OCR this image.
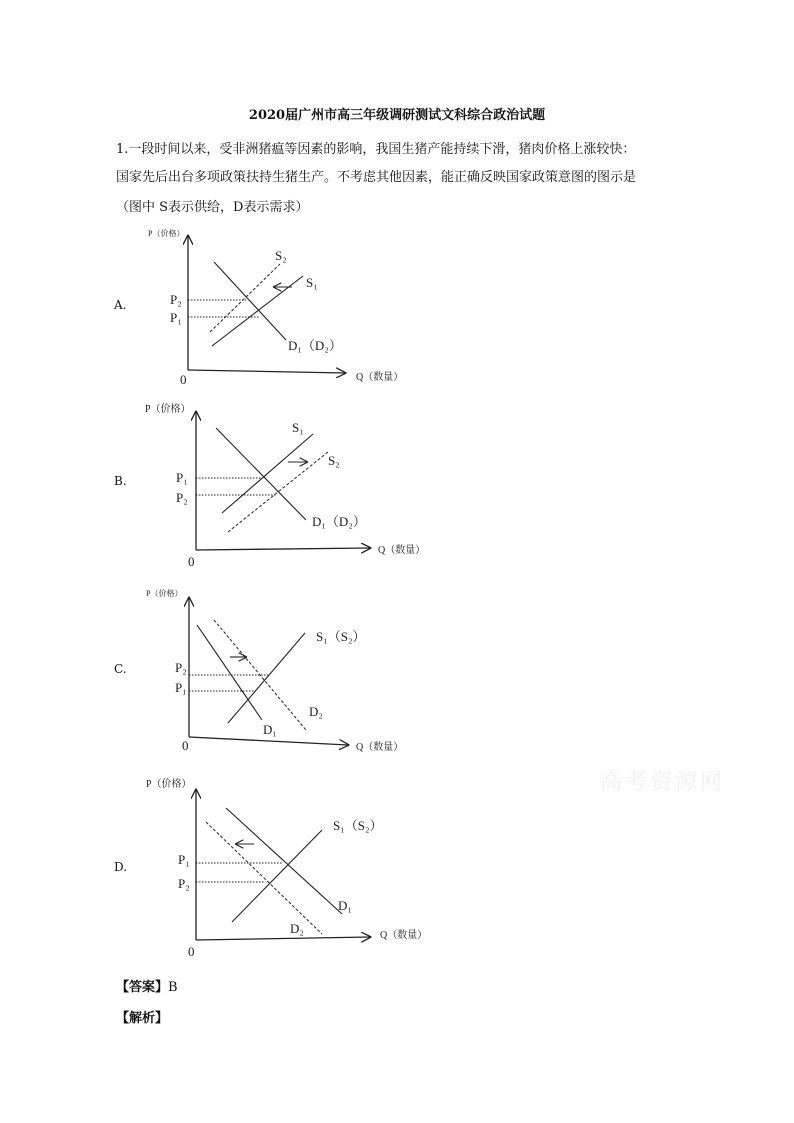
2020届广州市高三年级调研测试文科综合政治试题
1.一段时间以来，受非洲猪瘟等因素的影响，我国生猪产能持续下滑，猪肉价格上涨较快：
国家先后出台多项政策扶持生猪生产。不考虑其他因素，能正确反映国家政策意图的图示是
（图中 S表示供给，D表示需求）
A.
B.
C.
D.
P（价格）
Q（数量）
0
P₂
P₁
S₂
S₁
D₁（D₂）
P（价格）
Q（数量）
0
P₁
P₂
S₁
S₂
D₁（D₂）
P（价格）
Q（数量）
0
P₂
P₁
S₁（S₂）
D₂
D₁
P（价格）
Q（数量）
0
P₁
P₂
S₁（S₂）
D₁
D₂
高考资源网
【答案】B
【解析】
